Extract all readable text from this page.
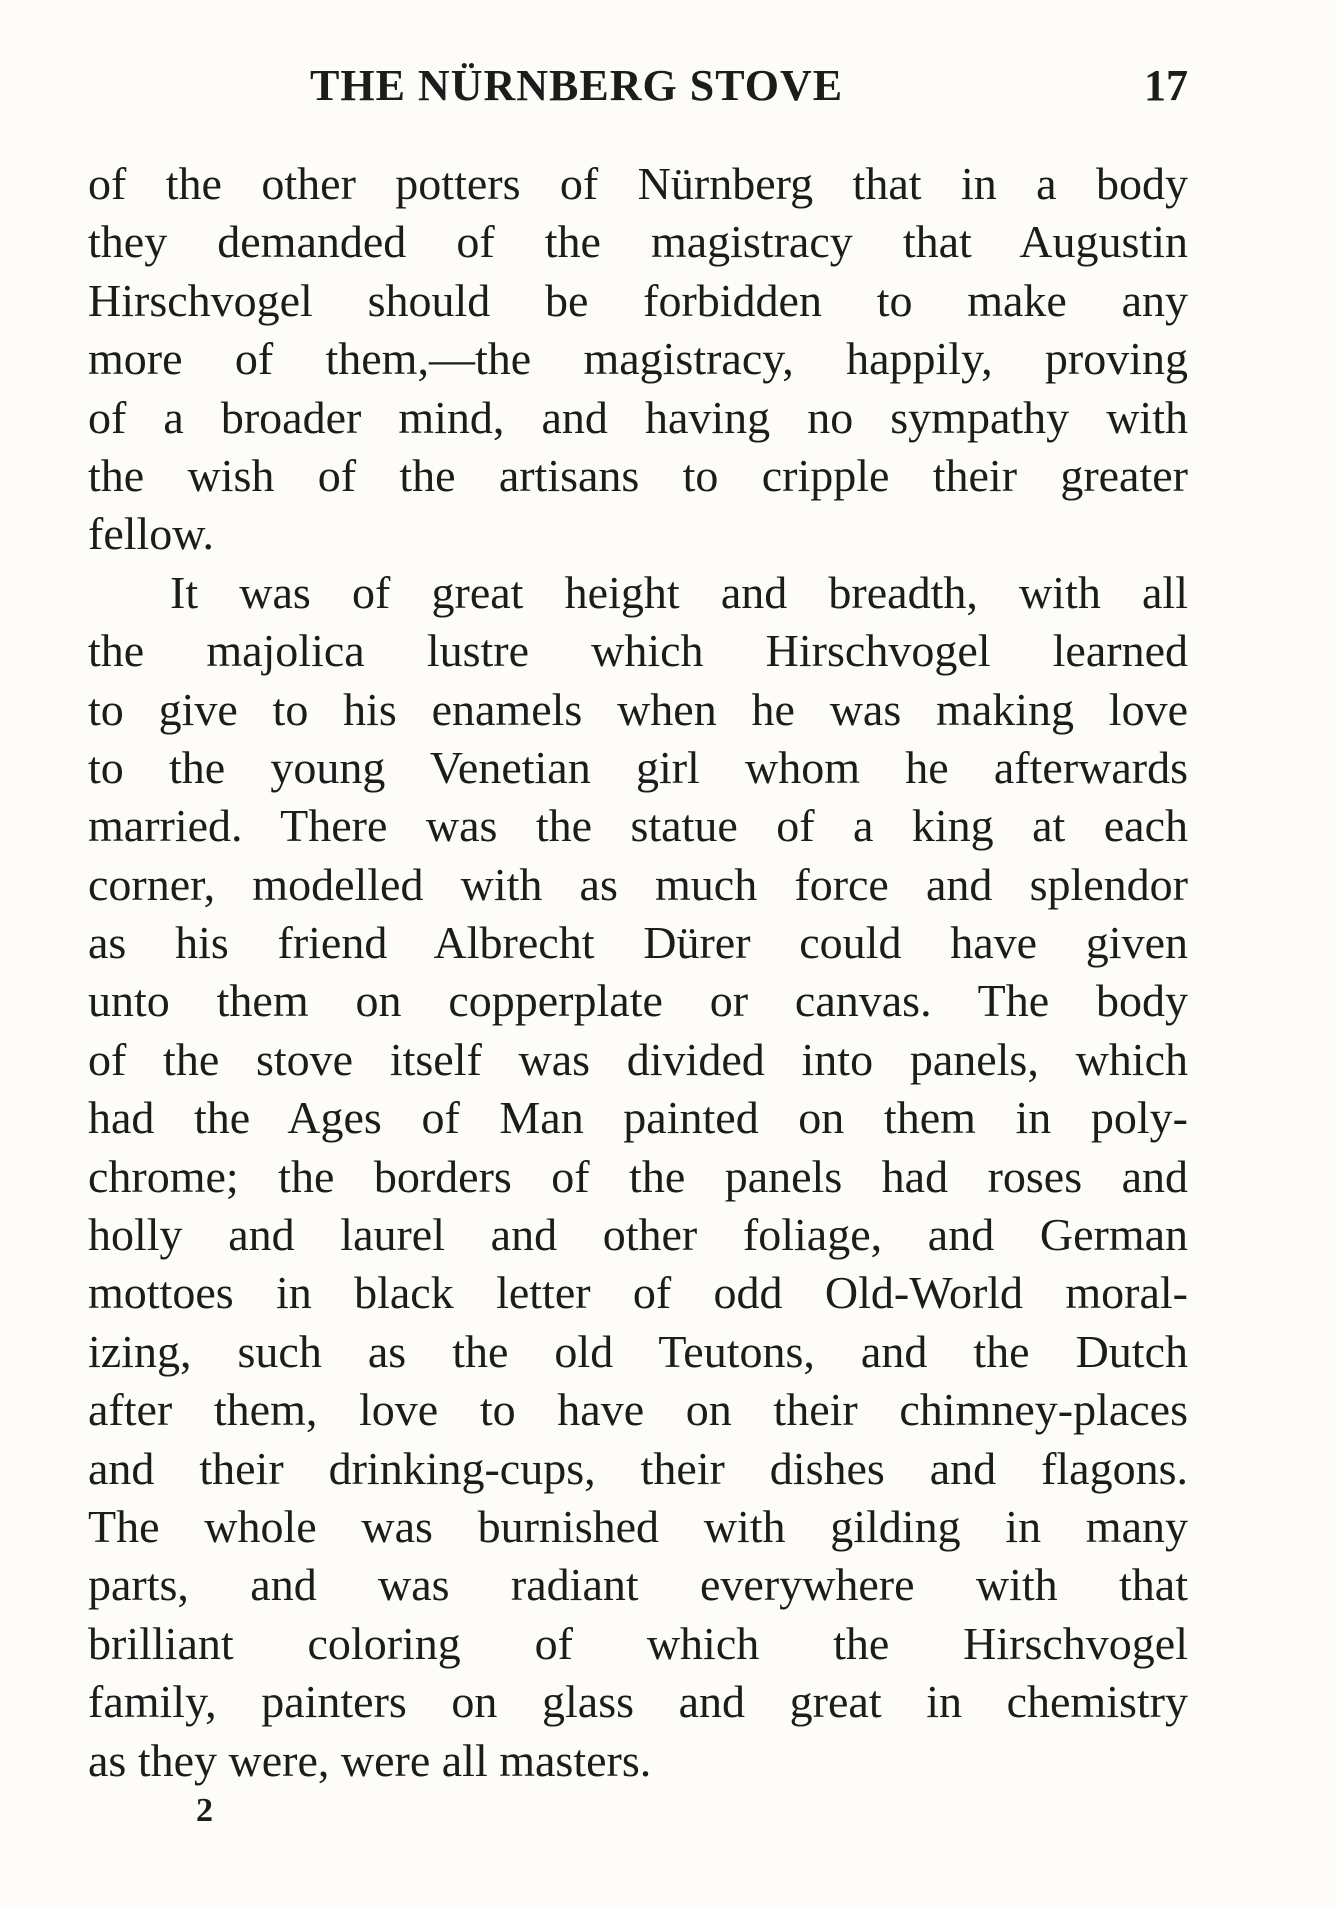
THE NÜRNBERG STOVE	17
of the other potters of Nürnberg that in a body
they demanded of the magistracy that Augustin
Hirschvogel should be forbidden to make any
more of them,—the magistracy, happily, proving
of a broader mind, and having no sympathy with
the wish of the artisans to cripple their greater
fellow.
It was of great height and breadth, with all
the majolica lustre which Hirschvogel learned
to give to his enamels when he was making love
to the young Venetian girl whom he afterwards
married. There was the statue of a king at each
corner, modelled with as much force and splendor
as his friend Albrecht Dürer could have given
unto them on copperplate or canvas. The body
of the stove itself was divided into panels, which
had the Ages of Man painted on them in poly-
chrome; the borders of the panels had roses and
holly and laurel and other foliage, and German
mottoes in black letter of odd Old-World moral-
izing, such as the old Teutons, and the Dutch
after them, love to have on their chimney-places
and their drinking-cups, their dishes and flagons.
The whole was burnished with gilding in many
parts, and was radiant everywhere with that
brilliant coloring of which the Hirschvogel
family, painters on glass and great in chemistry
as they were, were all masters.
2
